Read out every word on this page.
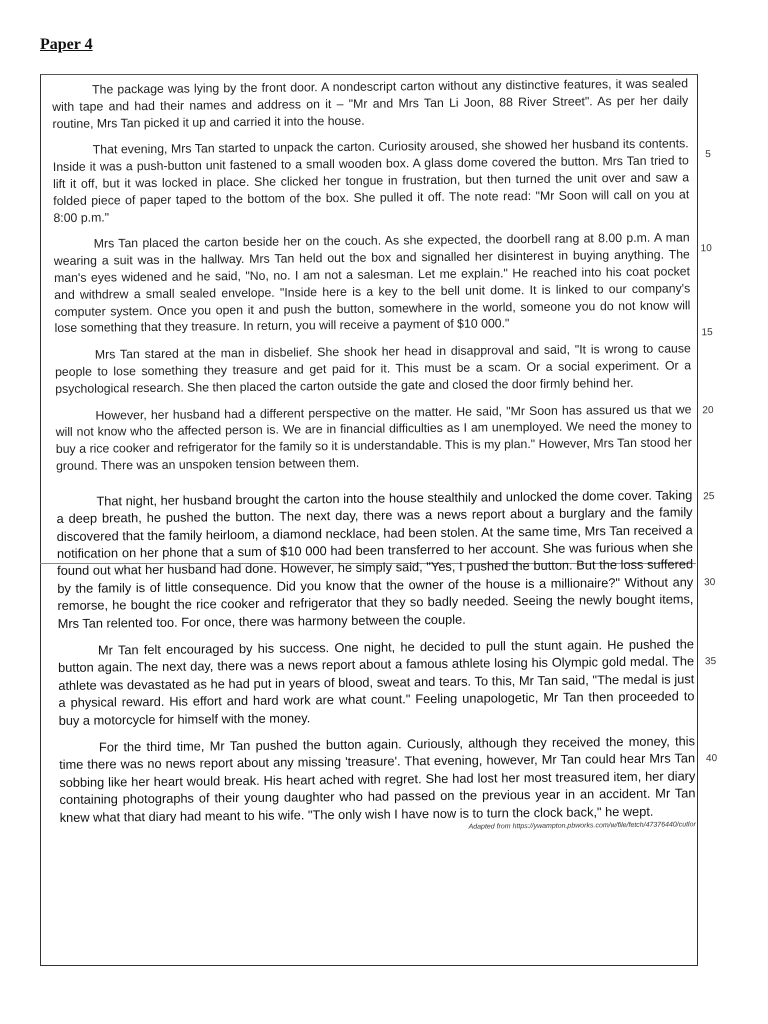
Paper 4

The package was lying by the front door. A nondescript carton without any distinctive features, it was sealed with tape and had their names and address on it – "Mr and Mrs Tan Li Joon, 88 River Street". As per her daily routine, Mrs Tan picked it up and carried it into the house.

That evening, Mrs Tan started to unpack the carton. Curiosity aroused, she showed her husband its contents. Inside it was a push-button unit fastened to a small wooden box. A glass dome covered the button. Mrs Tan tried to lift it off, but it was locked in place. She clicked her tongue in frustration, but then turned the unit over and saw a folded piece of paper taped to the bottom of the box. She pulled it off. The note read: "Mr Soon will call on you at 8:00 p.m."
5

Mrs Tan placed the carton beside her on the couch. As she expected, the doorbell rang at 8.00 p.m. A man wearing a suit was in the hallway. Mrs Tan held out the box and signalled her disinterest in buying anything. The man's eyes widened and he said, "No, no. I am not a salesman. Let me explain." He reached into his coat pocket and withdrew a small sealed envelope. "Inside here is a key to the bell unit dome. It is linked to our company's computer system. Once you open it and push the button, somewhere in the world, someone you do not know will lose something that they treasure. In return, you will receive a payment of $10 000."
10
15

Mrs Tan stared at the man in disbelief. She shook her head in disapproval and said, "It is wrong to cause people to lose something they treasure and get paid for it. This must be a scam. Or a social experiment. Or a psychological research. She then placed the carton outside the gate and closed the door firmly behind her.

However, her husband had a different perspective on the matter. He said, "Mr Soon has assured us that we will not know who the affected person is. We are in financial difficulties as I am unemployed. We need the money to buy a rice cooker and refrigerator for the family so it is understandable. This is my plan." However, Mrs Tan stood her ground. There was an unspoken tension between them.
20

That night, her husband brought the carton into the house stealthily and unlocked the dome cover. Taking a deep breath, he pushed the button. The next day, there was a news report about a burglary and the family discovered that the family heirloom, a diamond necklace, had been stolen. At the same time, Mrs Tan received a notification on her phone that a sum of $10 000 had been transferred to her account. She was furious when she found out what her husband had done. However, he simply said, "Yes, I pushed the button. But the loss suffered by the family is of little consequence. Did you know that the owner of the house is a millionaire?" Without any remorse, he bought the rice cooker and refrigerator that they so badly needed. Seeing the newly bought items, Mrs Tan relented too. For once, there was harmony between the couple.
25
30

Mr Tan felt encouraged by his success. One night, he decided to pull the stunt again. He pushed the button again. The next day, there was a news report about a famous athlete losing his Olympic gold medal. The athlete was devastated as he had put in years of blood, sweat and tears. To this, Mr Tan said, "The medal is just a physical reward. His effort and hard work are what count." Feeling unapologetic, Mr Tan then proceeded to buy a motorcycle for himself with the money.
35

For the third time, Mr Tan pushed the button again. Curiously, although they received the money, this time there was no news report about any missing 'treasure'. That evening, however, Mr Tan could hear Mrs Tan sobbing like her heart would break. His heart ached with regret. She had lost her most treasured item, her diary containing photographs of their young daughter who had passed on the previous year in an accident. Mr Tan knew what that diary had meant to his wife. "The only wish I have now is to turn the clock back," he wept.
40
Adapted from https://ywampton.pbworks.com/w/file/fetch/47376440/cutlor
